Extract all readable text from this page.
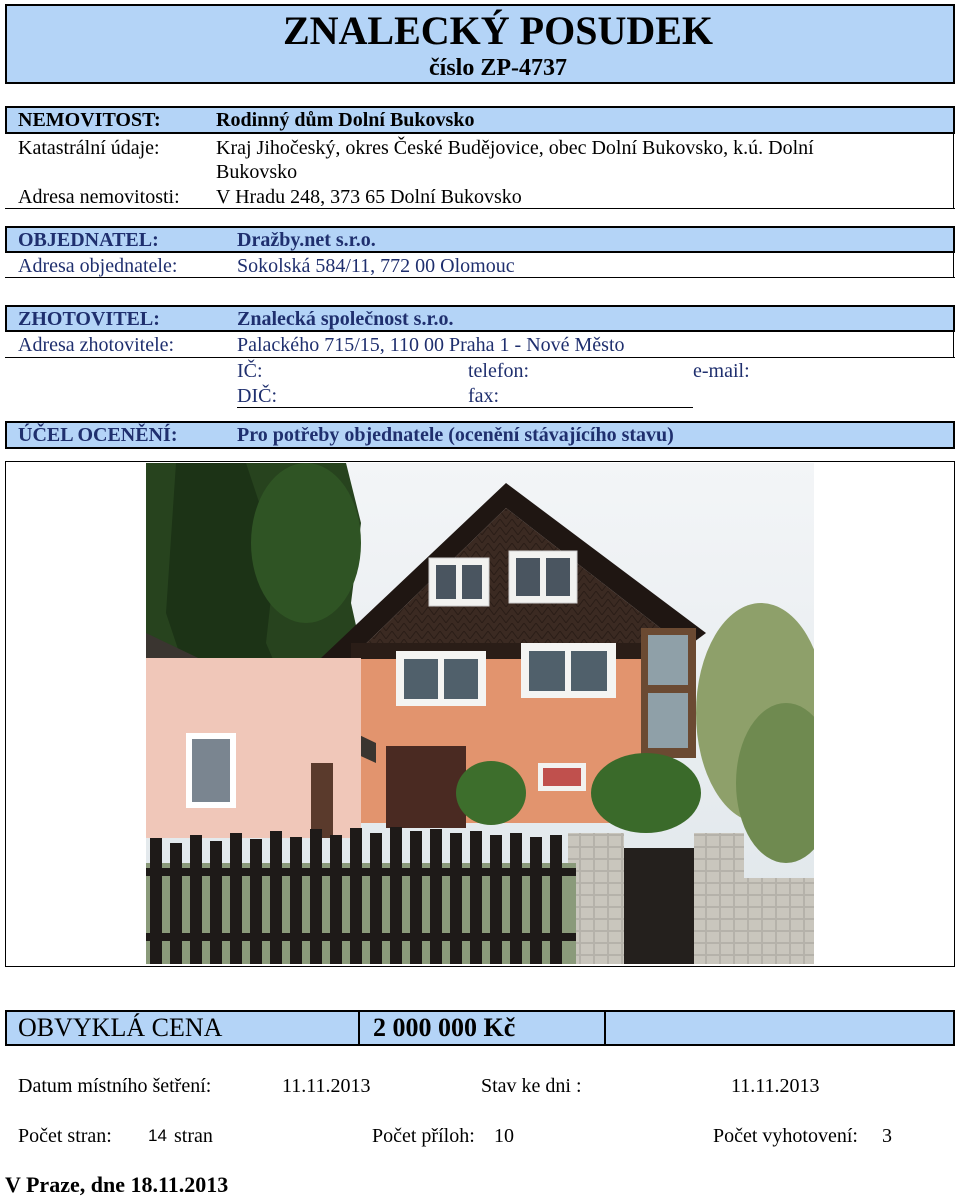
ZNALECKÝ POSUDEK
číslo ZP-4737
NEMOVITOST:	Rodinný dům Dolní Bukovsko
Katastrální údaje:	Kraj Jihočeský, okres České Budějovice, obec Dolní Bukovsko, k.ú. Dolní
Bukovsko
Adresa nemovitosti: V Hradu 248, 373 65 Dolní Bukovsko
OBJEDNATEL:	Dražby.net s.r.o.
Adresa objednatele:	Sokolská 584/11, 772 00 Olomouc
ZHOTOVITEL:	Znalecká společnost s.r.o.
Adresa zhotovitele:	Palackého 715/15, 110 00 Praha 1 - Nové Město
IČ:	telefon:	e-mail:
DIČ:	fax:
ÚČEL OCENĚNÍ:	Pro potřeby objednatele (ocenění stávajícího stavu)
OBVYKLÁ CENA	2 000 000 Kč
Datum místního šetření:	11.11.2013	Stav ke dni :	11.11.2013
Počet stran: 14 stran	Počet příloh: 10	Počet vyhotovení: 3
V Praze, dne 18.11.2013
